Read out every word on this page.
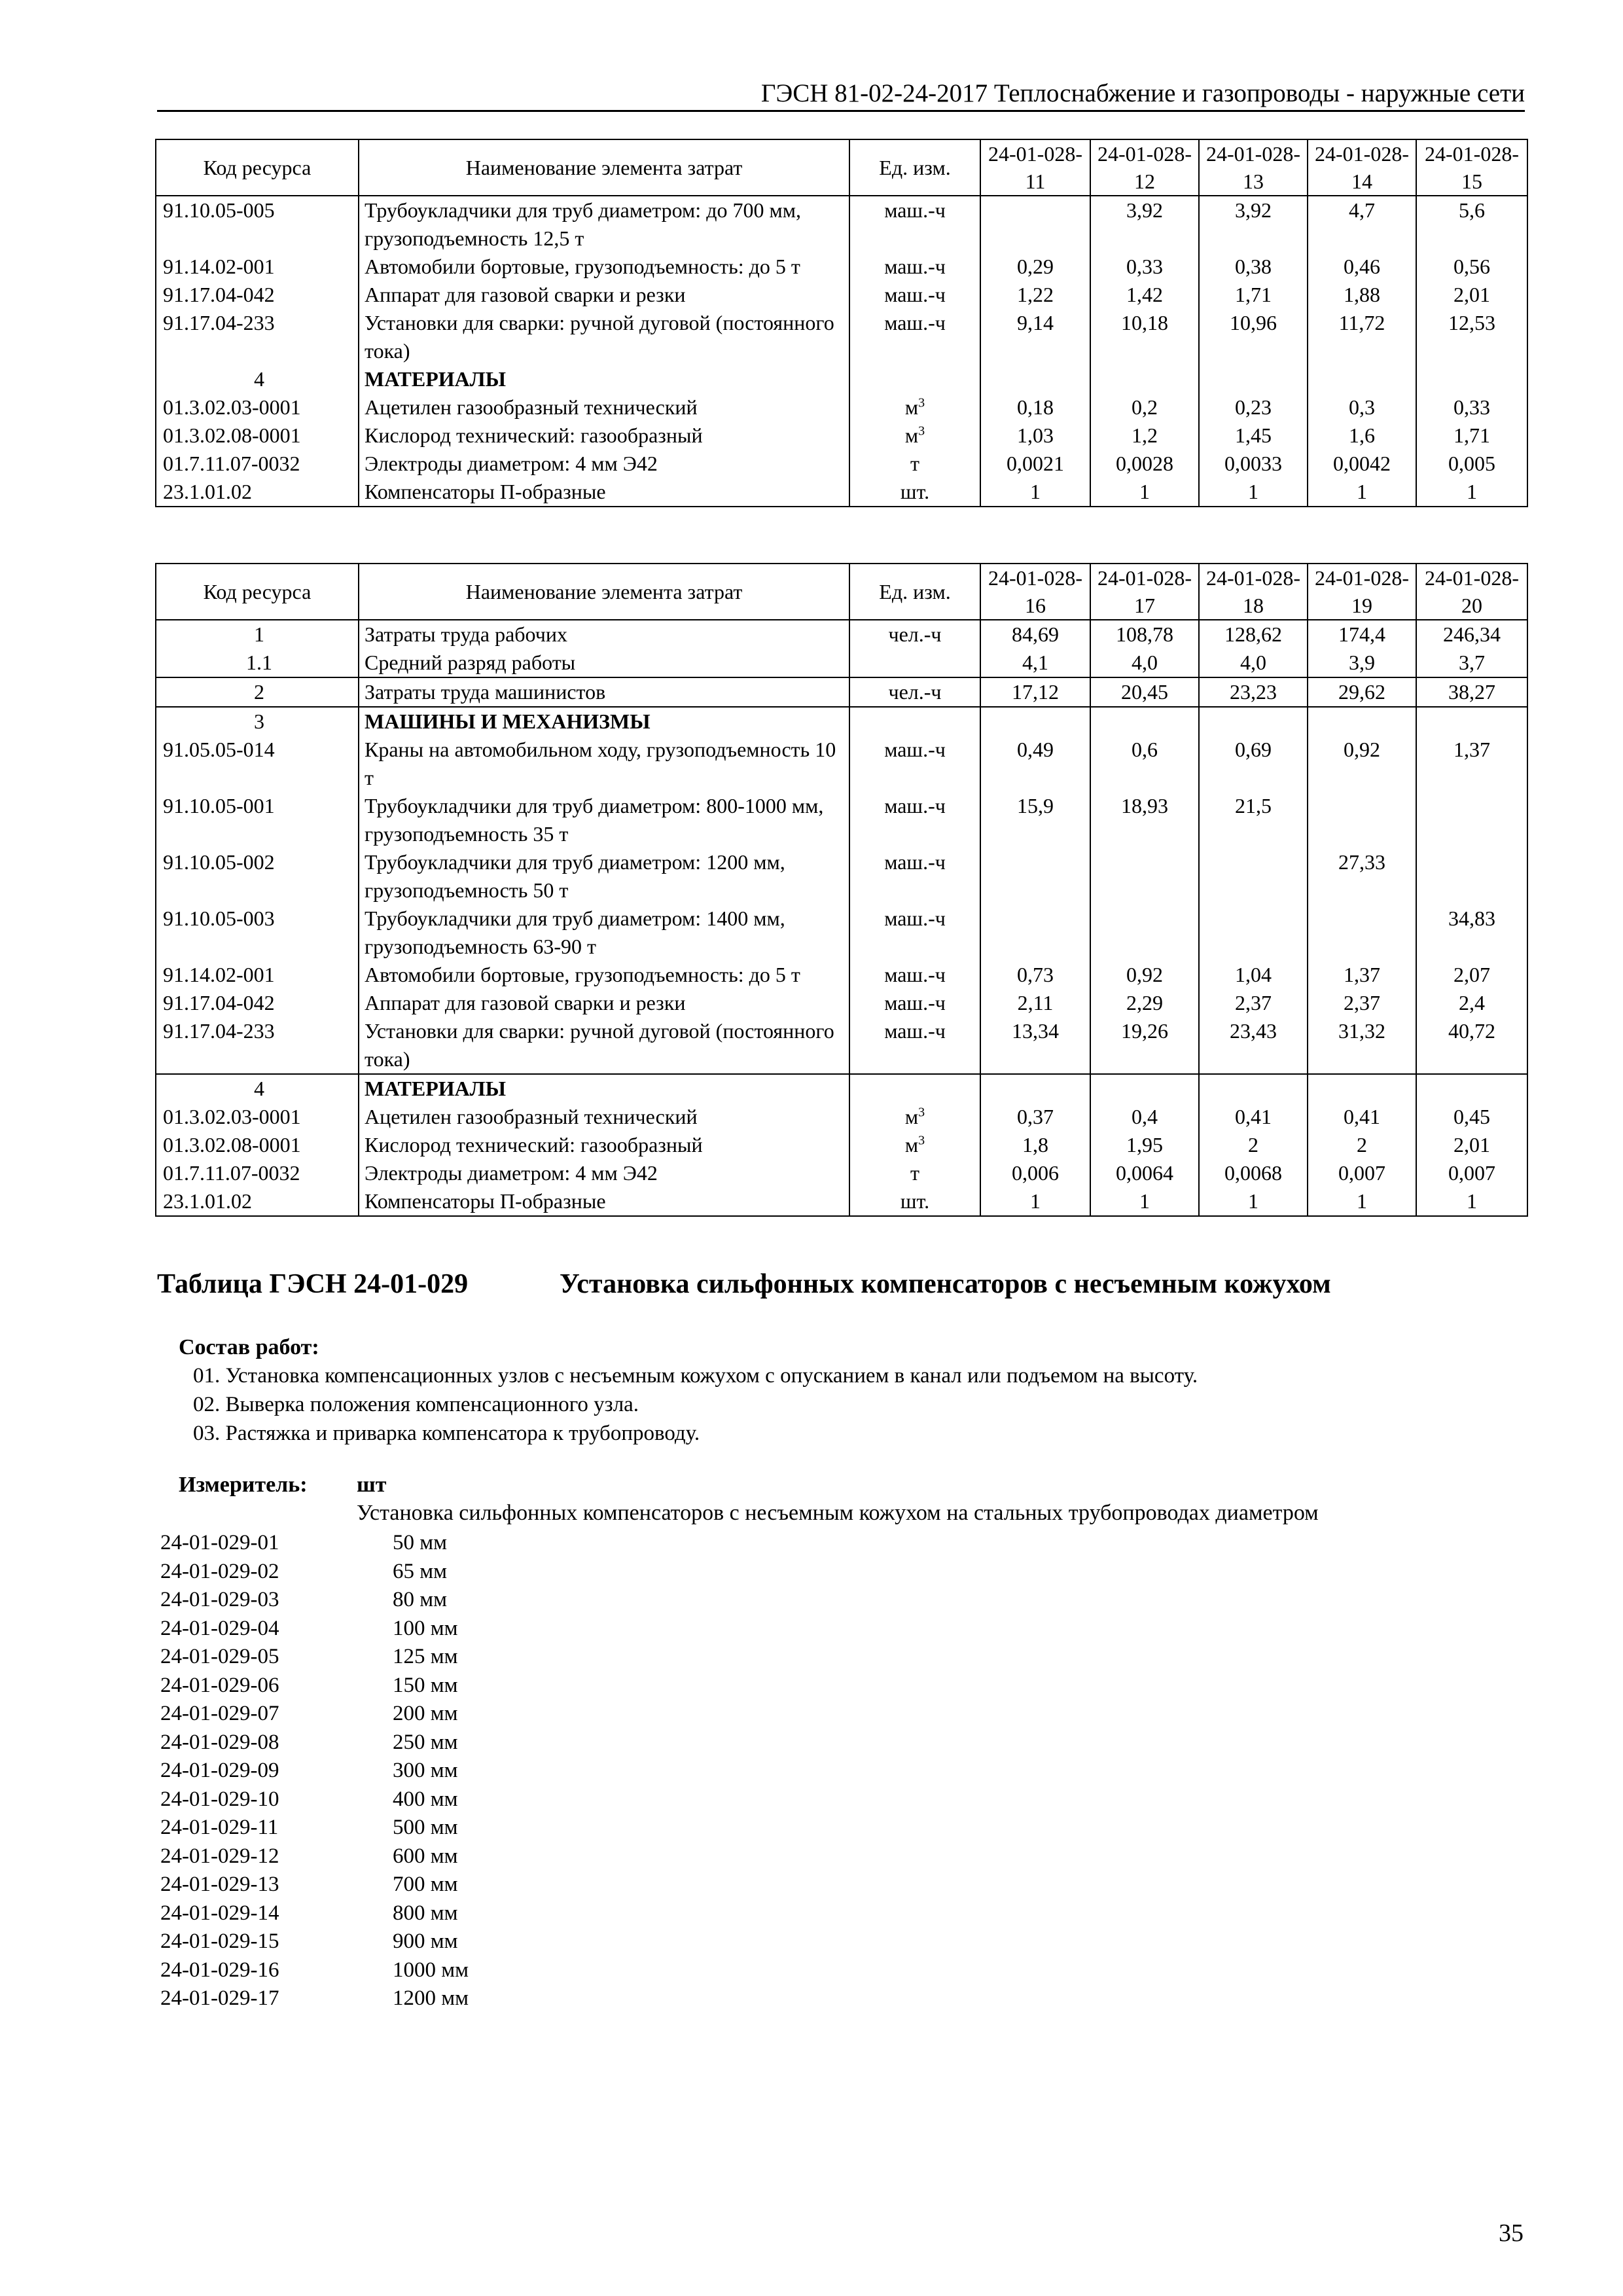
ГЭСН 81-02-24-2017 Теплоснабжение и газопроводы - наружные сети
Код ресурса	Наименование элемента затрат	Ед. изм.	24-01-028-11	24-01-028-12	24-01-028-13	24-01-028-14	24-01-028-15
91.10.05-005	Трубоукладчики для труб диаметром: до 700 мм, грузоподъемность 12,5 т	маш.-ч		3,92	3,92	4,7	5,6
91.14.02-001	Автомобили бортовые, грузоподъемность: до 5 т	маш.-ч	0,29	0,33	0,38	0,46	0,56
91.17.04-042	Аппарат для газовой сварки и резки	маш.-ч	1,22	1,42	1,71	1,88	2,01
91.17.04-233	Установки для сварки: ручной дуговой (постоянного тока)	маш.-ч	9,14	10,18	10,96	11,72	12,53
4	МАТЕРИАЛЫ						
01.3.02.03-0001	Ацетилен газообразный технический	$м^3$	0,18	0,2	0,23	0,3	0,33
01.3.02.08-0001	Кислород технический: газообразный	$м^3$	1,03	1,2	1,45	1,6	1,71
01.7.11.07-0032	Электроды диаметром: 4 мм Э42	т	0,0021	0,0028	0,0033	0,0042	0,005
23.1.01.02	Компенсаторы П-образные	шт.	1	1	1	1	1
Код ресурса	Наименование элемента затрат	Ед. изм.	24-01-028-16	24-01-028-17	24-01-028-18	24-01-028-19	24-01-028-20
1	Затраты труда рабочих	чел.-ч	84,69	108,78	128,62	174,4	246,34
1.1	Средний разряд работы		4,1	4,0	4,0	3,9	3,7
2	Затраты труда машинистов	чел.-ч	17,12	20,45	23,23	29,62	38,27
3	МАШИНЫ И МЕХАНИЗМЫ						
91.05.05-014	Краны на автомобильном ходу, грузоподъемность 10 т	маш.-ч	0,49	0,6	0,69	0,92	1,37
91.10.05-001	Трубоукладчики для труб диаметром: 800-1000 мм, грузоподъемность 35 т	маш.-ч	15,9	18,93	21,5		
91.10.05-002	Трубоукладчики для труб диаметром: 1200 мм, грузоподъемность 50 т	маш.-ч				27,33	
91.10.05-003	Трубоукладчики для труб диаметром: 1400 мм, грузоподъемность 63-90 т	маш.-ч					34,83
91.14.02-001	Автомобили бортовые, грузоподъемность: до 5 т	маш.-ч	0,73	0,92	1,04	1,37	2,07
91.17.04-042	Аппарат для газовой сварки и резки	маш.-ч	2,11	2,29	2,37	2,37	2,4
91.17.04-233	Установки для сварки: ручной дуговой (постоянного тока)	маш.-ч	13,34	19,26	23,43	31,32	40,72
4	МАТЕРИАЛЫ						
01.3.02.03-0001	Ацетилен газообразный технический	$м^3$	0,37	0,4	0,41	0,41	0,45
01.3.02.08-0001	Кислород технический: газообразный	$м^3$	1,8	1,95	2	2	2,01
01.7.11.07-0032	Электроды диаметром: 4 мм Э42	т	0,006	0,0064	0,0068	0,007	0,007
23.1.01.02	Компенсаторы П-образные	шт.	1	1	1	1	1
Таблица ГЭСН 24-01-029	Установка сильфонных компенсаторов с несъемным кожухом
Состав работ:
01. Установка компенсационных узлов с несъемным кожухом с опусканием в канал или подъемом на высоту.
02. Выверка положения компенсационного узла.
03. Растяжка и приварка компенсатора к трубопроводу.
Измеритель: шт
Установка сильфонных компенсаторов с несъемным кожухом на стальных трубопроводах диаметром
24-01-029-01	50 мм
24-01-029-02	65 мм
24-01-029-03	80 мм
24-01-029-04	100 мм
24-01-029-05	125 мм
24-01-029-06	150 мм
24-01-029-07	200 мм
24-01-029-08	250 мм
24-01-029-09	300 мм
24-01-029-10	400 мм
24-01-029-11	500 мм
24-01-029-12	600 мм
24-01-029-13	700 мм
24-01-029-14	800 мм
24-01-029-15	900 мм
24-01-029-16	1000 мм
24-01-029-17	1200 мм
35
